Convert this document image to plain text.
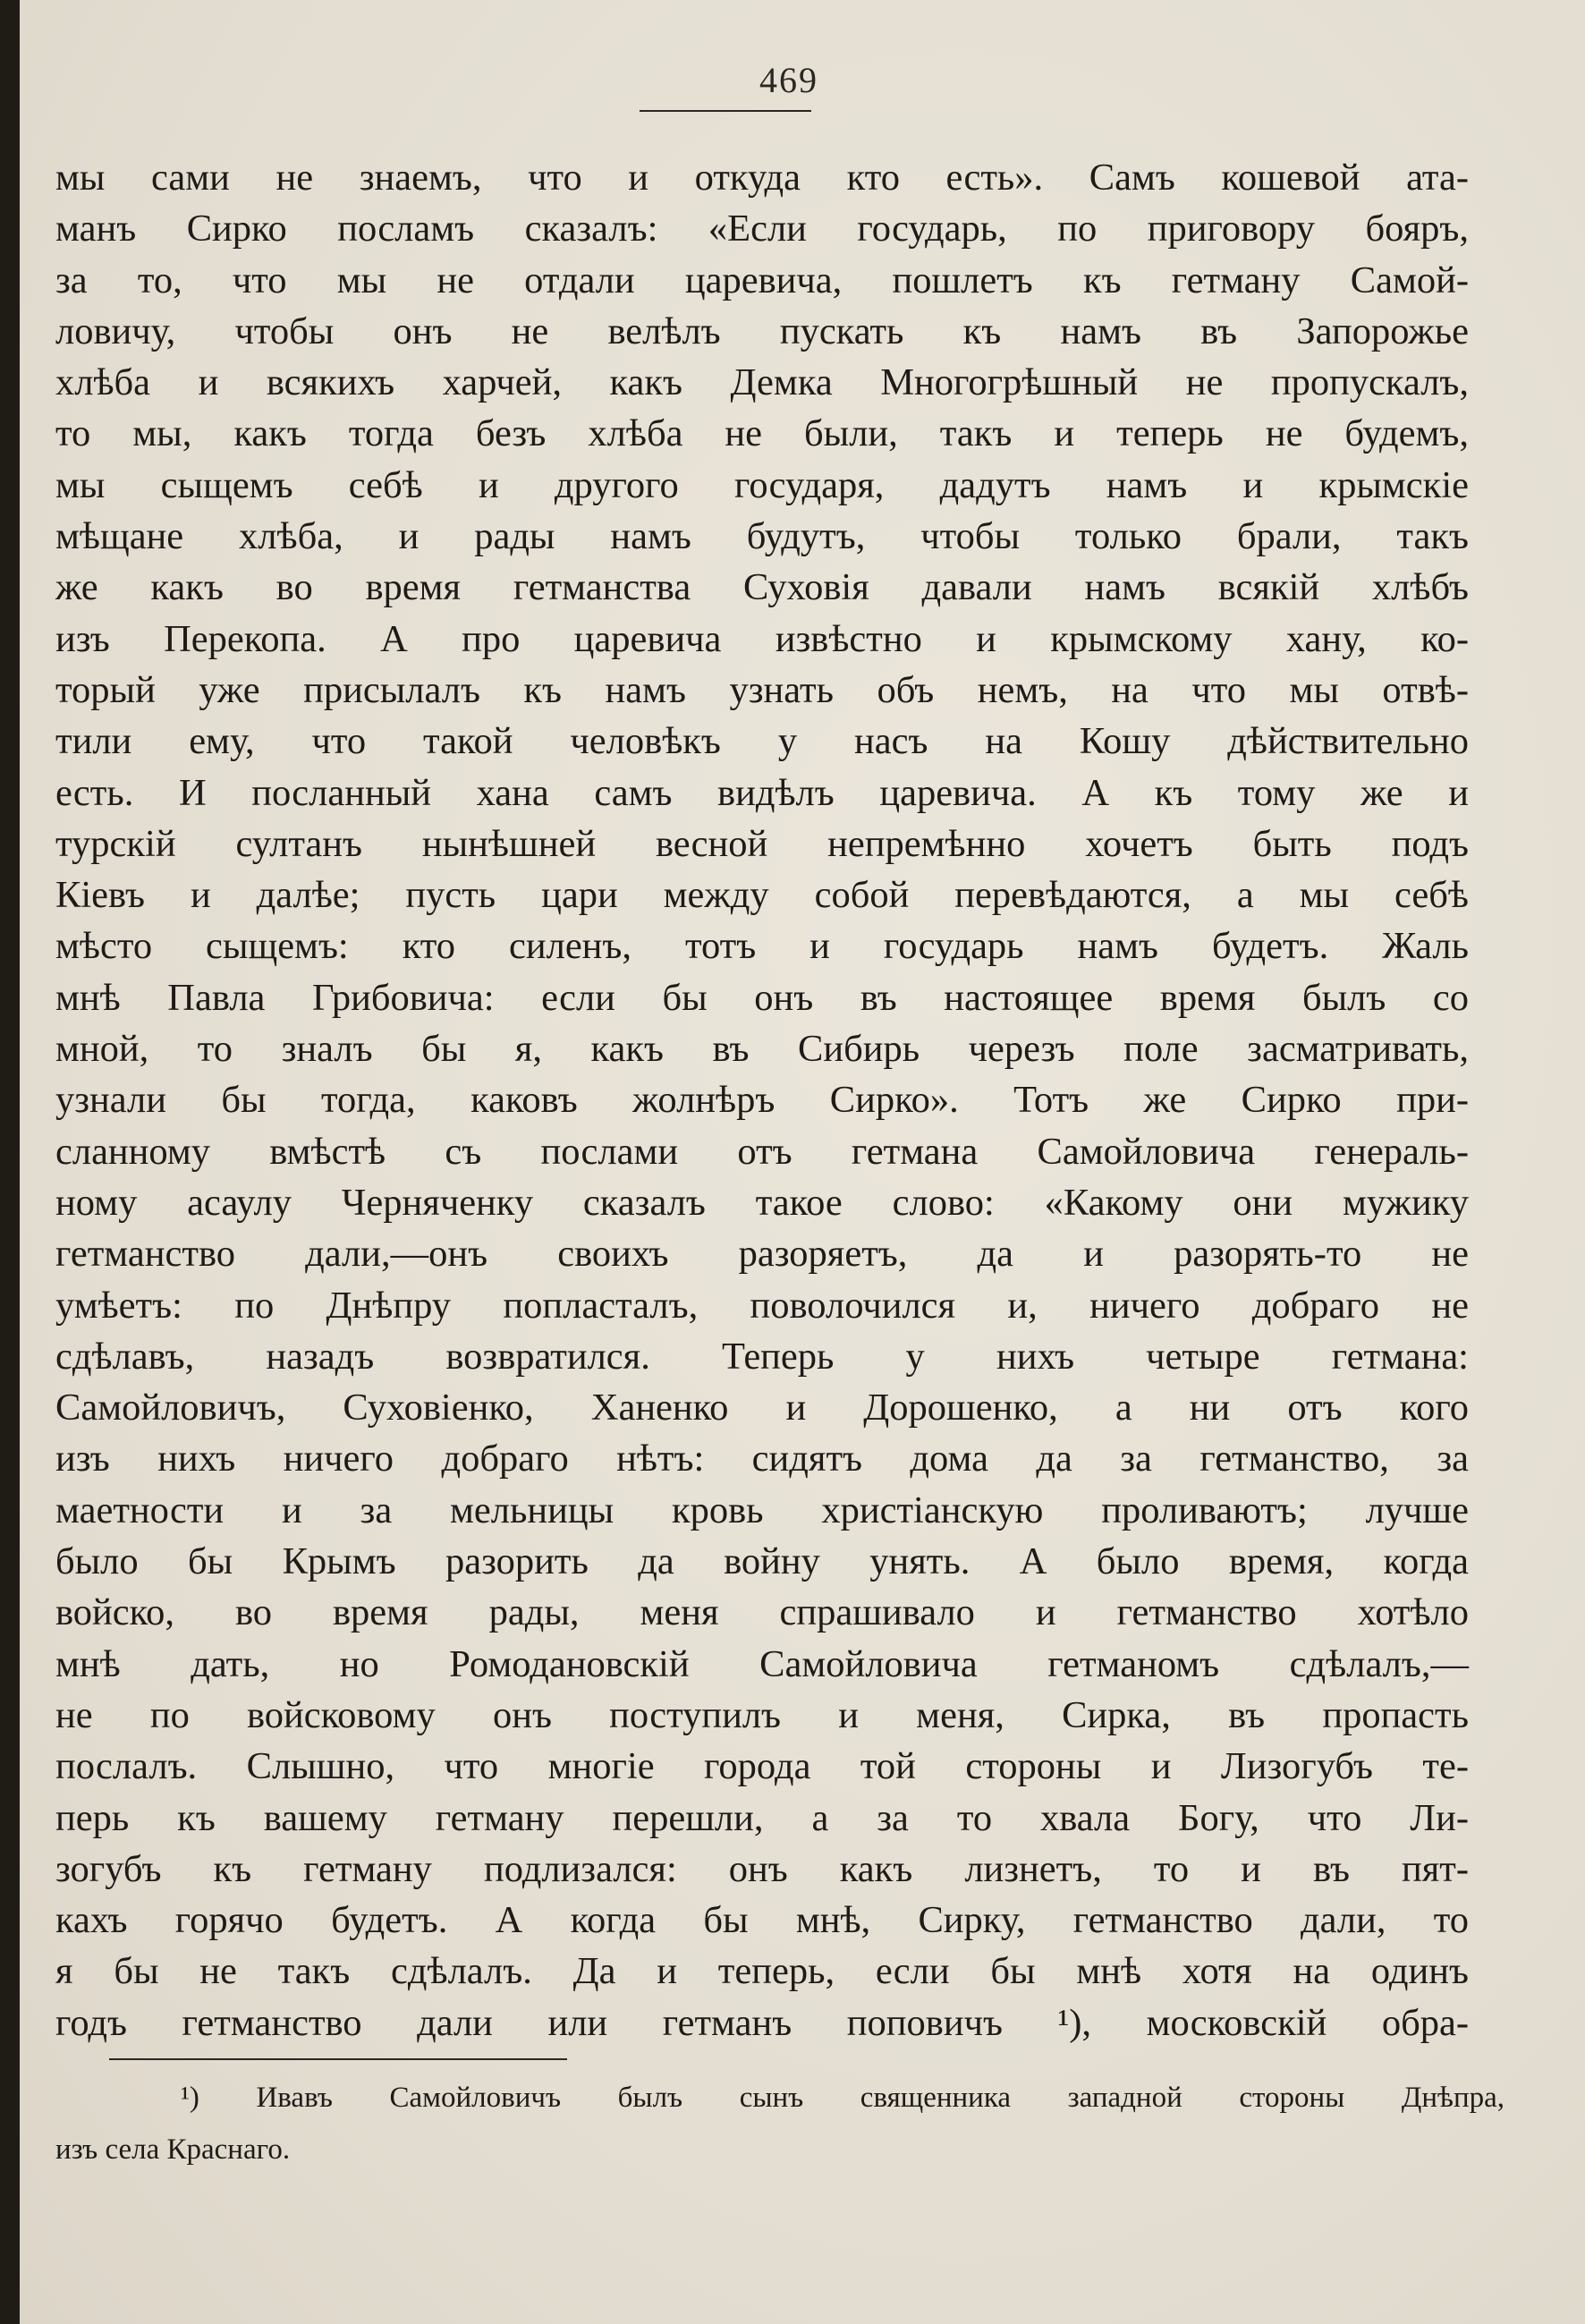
469
мы сами не знаемъ, что и откуда кто есть». Самъ кошевой ата-
манъ Сирко посламъ сказалъ: «Если государь, по приговору бояръ,
за то, что мы не отдали царевича, пошлетъ къ гетману Самой-
ловичу, чтобы онъ не велѣлъ пускать къ намъ въ Запорожье
хлѣба и всякихъ харчей, какъ Демка Многогрѣшный не пропускалъ,
то мы, какъ тогда безъ хлѣба не были, такъ и теперь не будемъ,
мы сыщемъ себѣ и другого государя, дадутъ намъ и крымскіе
мѣщане хлѣба, и рады намъ будутъ, чтобы только брали, такъ
же какъ во время гетманства Суховія давали намъ всякій хлѣбъ
изъ Перекопа. А про царевича извѣстно и крымскому хану, ко-
торый уже присылалъ къ намъ узнать объ немъ, на что мы отвѣ-
тили ему, что такой человѣкъ у насъ на Кошу дѣйствительно
есть. И посланный хана самъ видѣлъ царевича. А къ тому же и
турскій султанъ нынѣшней весной непремѣнно хочетъ быть подъ
Кіевъ и далѣе; пусть цари между собой перевѣдаются, а мы себѣ
мѣсто сыщемъ: кто силенъ, тотъ и государь намъ будетъ. Жаль
мнѣ Павла Грибовича: если бы онъ въ настоящее время былъ со
мной, то зналъ бы я, какъ въ Сибирь черезъ поле засматривать,
узнали бы тогда, каковъ жолнѣръ Сирко». Тотъ же Сирко при-
сланному вмѣстѣ съ послами отъ гетмана Самойловича генераль-
ному асаулу Черняченку сказалъ такое слово: «Какому они мужику
гетманство дали,—онъ своихъ разоряетъ, да и разорять-то не
умѣетъ: по Днѣпру попласталъ, поволочился и, ничего добраго не
сдѣлавъ, назадъ возвратился. Теперь у нихъ четыре гетмана:
Самойловичъ, Суховіенко, Ханенко и Дорошенко, а ни отъ кого
изъ нихъ ничего добраго нѣтъ: сидятъ дома да за гетманство, за
маетности и за мельницы кровь христіанскую проливаютъ; лучше
было бы Крымъ разорить да войну унять. А было время, когда
войско, во время рады, меня спрашивало и гетманство хотѣло
мнѣ дать, но Ромодановскій Самойловича гетманомъ сдѣлалъ,—
не по войсковому онъ поступилъ и меня, Сирка, въ пропасть
послалъ. Слышно, что многіе города той стороны и Лизогубъ те-
перь къ вашему гетману перешли, а за то хвала Богу, что Ли-
зогубъ къ гетману подлизался: онъ какъ лизнетъ, то и въ пят-
кахъ горячо будетъ. А когда бы мнѣ, Сирку, гетманство дали, то
я бы не такъ сдѣлалъ. Да и теперь, если бы мнѣ хотя на одинъ
годъ гетманство дали или гетманъ поповичъ ¹), московскій обра-
¹) Ивавъ Самойловичъ былъ сынъ священника западной стороны Днѣпра,
изъ села Краснаго.
